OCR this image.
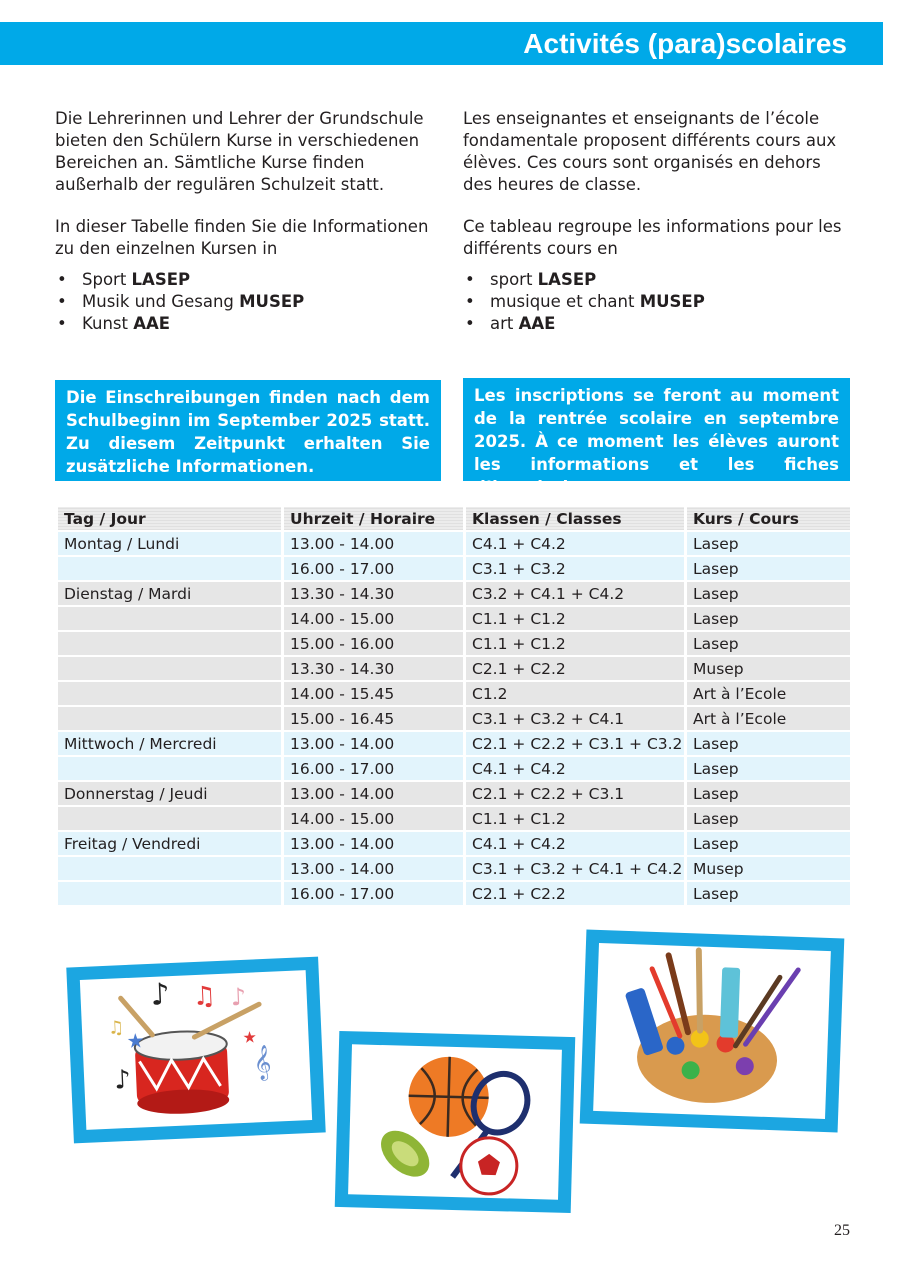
Activités (para)scolaires

Die Lehrerinnen und Lehrer der Grundschule bieten den Schülern Kurse in verschiedenen Bereichen an. Sämtliche Kurse finden außerhalb der regulären Schulzeit statt.

In dieser Tabelle finden Sie die Informationen zu den einzelnen Kursen in

• Sport LASEP
• Musik und Gesang MUSEP
• Kunst AAE

Les enseignantes et enseignants de l’école fondamentale proposent différents cours aux élèves. Ces cours sont organisés en dehors des heures de classe.

Ce tableau regroupe les informations pour les différents cours en

• sport LASEP
• musique et chant MUSEP
• art AAE
Die Einschreibungen finden nach dem Schulbeginn im September 2025 statt. Zu diesem Zeitpunkt erhalten Sie zusätzliche Informationen.
Les inscriptions se feront au moment de la rentrée scolaire en septembre 2025. À ce moment les élèves auront les informations et les fiches d’inscriptions.
Tag / Jour	Uhrzeit / Horaire	Klassen / Classes	Kurs / Cours
Montag / Lundi	13.00 - 14.00	C4.1 + C4.2	Lasep
	16.00 - 17.00	C3.1 + C3.2	Lasep
Dienstag / Mardi	13.30 - 14.30	C3.2 + C4.1 + C4.2	Lasep
	14.00 - 15.00	C1.1 + C1.2	Lasep
	15.00 - 16.00	C1.1 + C1.2	Lasep
	13.30 - 14.30	C2.1 + C2.2	Musep
	14.00 - 15.45	C1.2	Art à l’Ecole
	15.00 - 16.45	C3.1 + C3.2 + C4.1	Art à l’Ecole
Mittwoch / Mercredi	13.00 - 14.00	C2.1 + C2.2 + C3.1 + C3.2	Lasep
	16.00 - 17.00	C4.1 + C4.2	Lasep
Donnerstag / Jeudi	13.00 - 14.00	C2.1 + C2.2 + C3.1	Lasep
	14.00 - 15.00	C1.1 + C1.2	Lasep
Freitag / Vendredi	13.00 - 14.00	C4.1 + C4.2	Lasep
	13.00 - 14.00	C3.1 + C3.2 + C4.1 + C4.2	Musep
	16.00 - 17.00	C2.1 + C2.2	Lasep
♪ ♫ ♪
♪	𝄞
★	★
♫
25
